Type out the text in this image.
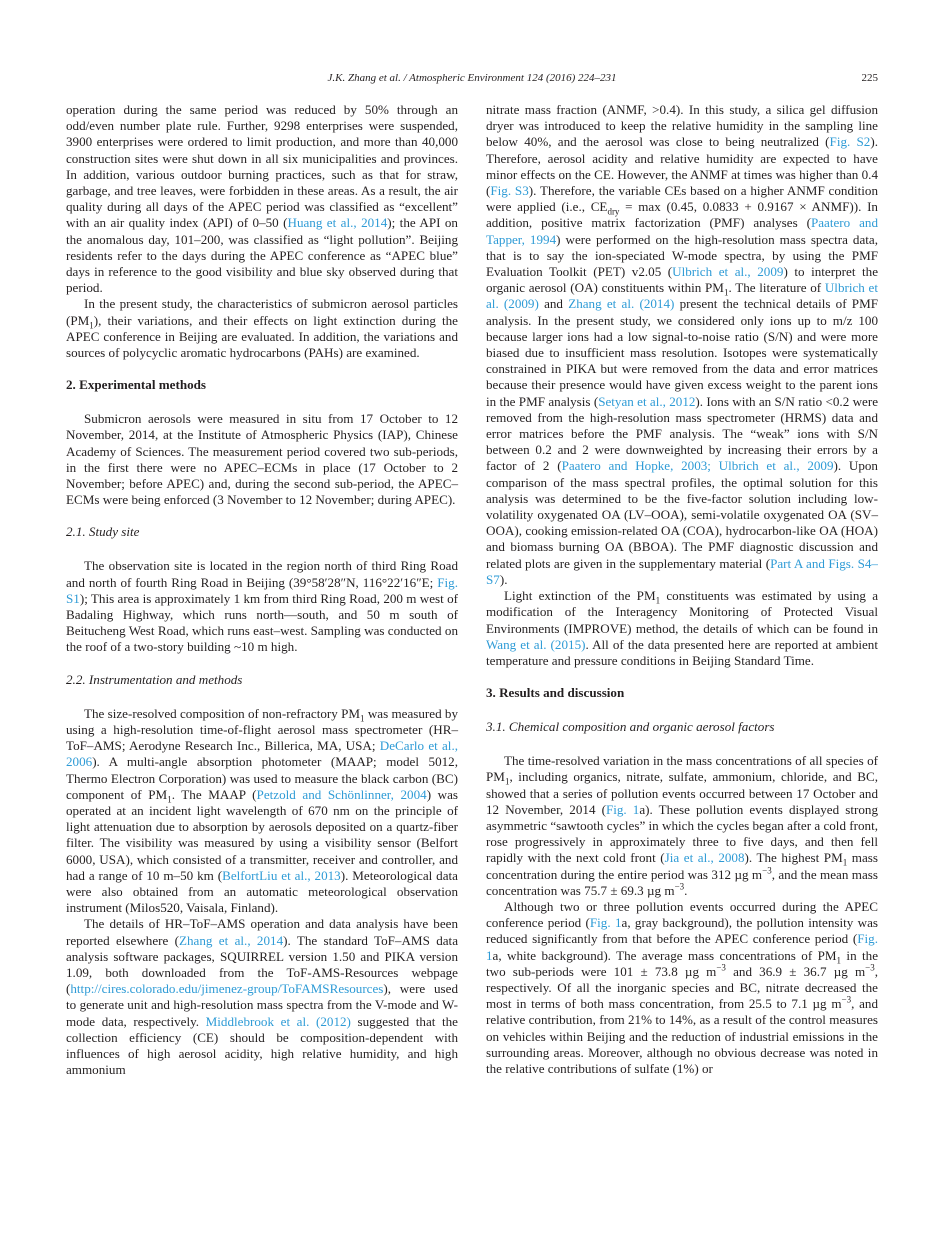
J.K. Zhang et al. / Atmospheric Environment 124 (2016) 224–231	225

operation during the same period was reduced by 50% through an odd/even number plate rule. Further, 9298 enterprises were suspended, 3900 enterprises were ordered to limit production, and more than 40,000 construction sites were shut down in all six municipalities and provinces. In addition, various outdoor burning practices, such as that for straw, garbage, and tree leaves, were forbidden in these areas. As a result, the air quality during all days of the APEC period was classified as “excellent” with an air quality index (API) of 0–50 (Huang et al., 2014); the API on the anomalous day, 101–200, was classified as “light pollution”. Beijing residents refer to the days during the APEC conference as “APEC blue” days in reference to the good visibility and blue sky observed during that period.

In the present study, the characteristics of submicron aerosol particles $(PM_1)$, their variations, and their effects on light extinction during the APEC conference in Beijing are evaluated. In addition, the variations and sources of polycyclic aromatic hydrocarbons (PAHs) are examined.

2. Experimental methods

Submicron aerosols were measured in situ from 17 October to 12 November, 2014, at the Institute of Atmospheric Physics (IAP), Chinese Academy of Sciences. The measurement period covered two sub-periods, in the first there were no APEC–ECMs in place (17 October to 2 November; before APEC) and, during the second sub-period, the APEC–ECMs were being enforced (3 November to 12 November; during APEC).

2.1. Study site

The observation site is located in the region north of third Ring Road and north of fourth Ring Road in Beijing (39°58′28″N, 116°22′16″E; Fig. S1); This area is approximately 1 km from third Ring Road, 200 m west of Badaling Highway, which runs north—south, and 50 m south of Beitucheng West Road, which runs east–west. Sampling was conducted on the roof of a two-story building ~10 m high.

2.2. Instrumentation and methods

The size-resolved composition of non-refractory $PM_1$ was measured by using a high-resolution time-of-flight aerosol mass spectrometer (HR–ToF–AMS; Aerodyne Research Inc., Billerica, MA, USA; DeCarlo et al., 2006). A multi-angle absorption photometer (MAAP; model 5012, Thermo Electron Corporation) was used to measure the black carbon (BC) component of $PM_1$. The MAAP (Petzold and Schönlinner, 2004) was operated at an incident light wavelength of 670 nm on the principle of light attenuation due to absorption by aerosols deposited on a quartz-fiber filter. The visibility was measured by using a visibility sensor (Belfort 6000, USA), which consisted of a transmitter, receiver and controller, and had a range of 10 m–50 km (BelfortLiu et al., 2013). Meteorological data were also obtained from an automatic meteorological observation instrument (Milos520, Vaisala, Finland).

The details of HR–ToF–AMS operation and data analysis have been reported elsewhere (Zhang et al., 2014). The standard ToF–AMS data analysis software packages, SQUIRREL version 1.50 and PIKA version 1.09, both downloaded from the ToF-AMS-Resources webpage (http://cires.colorado.edu/jimenez-group/ToFAMSResources), were used to generate unit and high-resolution mass spectra from the V-mode and W-mode data, respectively. Middlebrook et al. (2012) suggested that the collection efficiency (CE) should be composition-dependent with influences of high aerosol acidity, high relative humidity, and high ammonium

nitrate mass fraction (ANMF, >0.4). In this study, a silica gel diffusion dryer was introduced to keep the relative humidity in the sampling line below 40%, and the aerosol was close to being neutralized (Fig. S2). Therefore, aerosol acidity and relative humidity are expected to have minor effects on the CE. However, the ANMF at times was higher than 0.4 (Fig. S3). Therefore, the variable CEs based on a higher ANMF condition were applied (i.e., $CE_{dry} = \max (0.45$, 0.0833 + 0.9167 × ANMF)). In addition, positive matrix factorization (PMF) analyses (Paatero and Tapper, 1994) were performed on the high-resolution mass spectra data, that is to say the ion-speciated W-mode spectra, by using the PMF Evaluation Toolkit (PET) v2.05 (Ulbrich et al., 2009) to interpret the organic aerosol (OA) constituents within $PM_1$. The literature of Ulbrich et al. (2009) and Zhang et al. (2014) present the technical details of PMF analysis. In the present study, we considered only ions up to m/z 100 because larger ions had a low signal-to-noise ratio (S/N) and were more biased due to insufficient mass resolution. Isotopes were systematically constrained in PIKA but were removed from the data and error matrices because their presence would have given excess weight to the parent ions in the PMF analysis (Setyan et al., 2012). Ions with an S/N ratio <0.2 were removed from the high-resolution mass spectrometer (HRMS) data and error matrices before the PMF analysis. The “weak” ions with S/N between 0.2 and 2 were downweighted by increasing their errors by a factor of 2 (Paatero and Hopke, 2003; Ulbrich et al., 2009). Upon comparison of the mass spectral profiles, the optimal solution for this analysis was determined to be the five-factor solution including low-volatility oxygenated OA (LV–OOA), semi-volatile oxygenated OA (SV–OOA), cooking emission-related OA (COA), hydrocarbon-like OA (HOA) and biomass burning OA (BBOA). The PMF diagnostic discussion and related plots are given in the supplementary material (Part A and Figs. S4–S7).

Light extinction of the $PM_1$ constituents was estimated by using a modification of the Interagency Monitoring of Protected Visual Environments (IMPROVE) method, the details of which can be found in Wang et al. (2015). All of the data presented here are reported at ambient temperature and pressure conditions in Beijing Standard Time.

3. Results and discussion
3.1. Chemical composition and organic aerosol factors

The time-resolved variation in the mass concentrations of all species of $PM_1$, including organics, nitrate, sulfate, ammonium, chloride, and BC, showed that a series of pollution events occurred between 17 October and 12 November, 2014 (Fig. 1a). These pollution events displayed strong asymmetric “sawtooth cycles” in which the cycles began after a cold front, rose progressively in approximately three to five days, and then fell rapidly with the next cold front (Jia et al., 2008). The highest $PM_1$ mass concentration during the entire period was 312 µg $m^{-3}$, and the mean mass concentration was 75.7 ± 69.3 µg $m^{-3}$.

Although two or three pollution events occurred during the APEC conference period (Fig. 1a, gray background), the pollution intensity was reduced significantly from that before the APEC conference period (Fig. 1a, white background). The average mass concentrations of $PM_1$ in the two sub-periods were 101 ± 73.8 µg $m^{-3}$ and 36.9 ± 36.7 µg $m^{-3}$, respectively. Of all the inorganic species and BC, nitrate decreased the most in terms of both mass concentration, from 25.5 to 7.1 µg $m^{-3}$, and relative contribution, from 21% to 14%, as a result of the control measures on vehicles within Beijing and the reduction of industrial emissions in the surrounding areas. Moreover, although no obvious decrease was noted in the relative contributions of sulfate (1%) or
